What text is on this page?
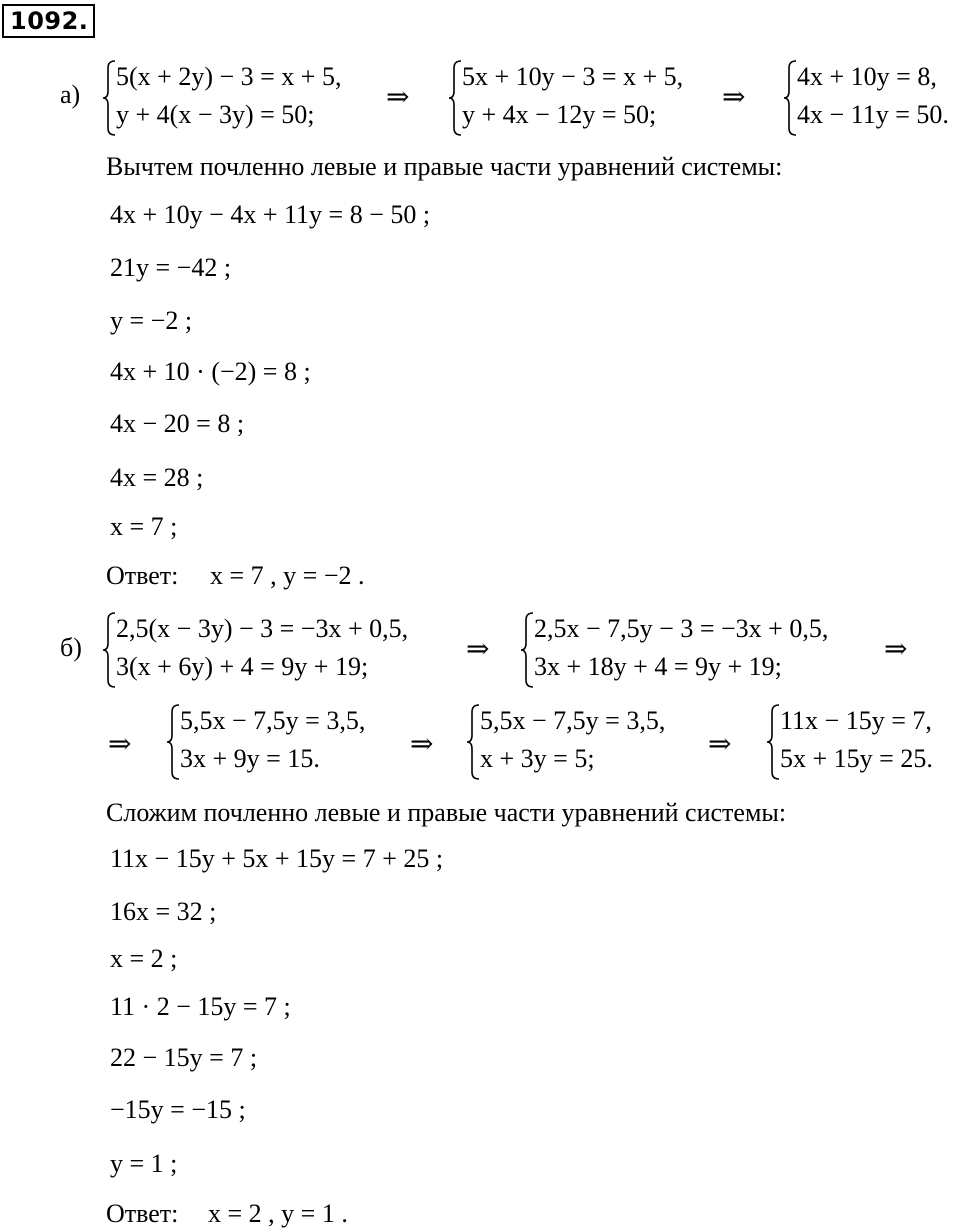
1092.
а)
5(x + 2y) − 3 = x + 5,
y + 4(x − 3y) = 50;
⇒
5x + 10y − 3 = x + 5,
y + 4x − 12y = 50;
⇒
4x + 10y = 8,
4x − 11y = 50.
Вычтем почленно левые и правые части уравнений системы:
4x + 10y − 4x + 11y = 8 − 50 ;
21y = −42 ;
y = −2 ;
4x + 10 · (−2) = 8 ;
4x − 20 = 8 ;
4x = 28 ;
x = 7 ;
Ответ: x = 7 , y = −2 .
б)
2,5(x − 3y) − 3 = −3x + 0,5,
3(x + 6y) + 4 = 9y + 19;
⇒
2,5x − 7,5y − 3 = −3x + 0,5,
3x + 18y + 4 = 9y + 19;
⇒
⇒
5,5x − 7,5y = 3,5,
3x + 9y = 15.	⇒
5,5x − 7,5y = 3,5,
x + 3y = 5;	⇒
11x − 15y = 7,
5x + 15y = 25.
Сложим почленно левые и правые части уравнений системы:
11x − 15y + 5x + 15y = 7 + 25 ;
16x = 32 ;
x = 2 ;
11 · 2 − 15y = 7 ;
22 − 15y = 7 ;
−15y = −15 ;
y = 1 ;
Ответ: x = 2 , y = 1 .
